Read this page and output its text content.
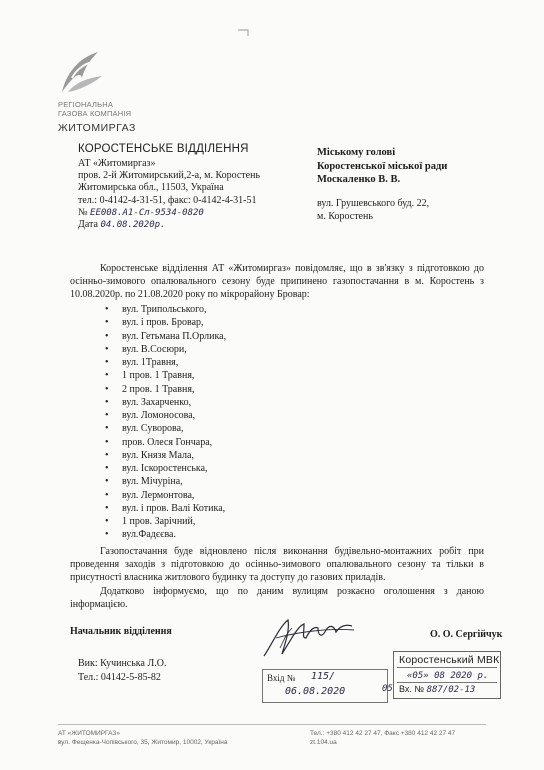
РЕГІОНАЛЬНА
ГАЗОВА КОМПАНІЯ
ЖИТОМИРГАЗ
КОРОСТЕНСЬКЕ ВІДДІЛЕННЯ
АТ «Житомиргаз»
пров. 2-й Житомирський,2-а, м. Коростень
Житомирська обл., 11503, Україна
тел.: 0-4142-4-31-51, факс: 0-4142-4-31-51
№ ЕЕ008.А1-Сл-9534-0820
Дата 04.08.2020р.
Міському голові
Коростенської міської ради
Москаленко В. В.
вул. Грушевського буд. 22,
м. Коростень
Коростенське відділення АТ «Житомиргаз» повідомляє, що в зв'язку з підготовкою до осінньо-зимового опалювального сезону буде припинено газопостачання в м. Коростень з 10.08.2020р. по 21.08.2020 року по мікрорайону Бровар:
• вул. Трипольського,
• вул. і пров. Бровар,
• вул. Гетьмана П.Орлика,
• вул. В.Сосюри,
• вул. 1Травня,
• 1 пров. 1 Травня,
• 2 пров. 1 Травня,
• вул. Захарченко,
• вул. Ломоносова,
• вул. Суворова,
• пров. Олеся Гончара,
• вул. Князя Мала,
• вул. Іскоростенська,
• вул. Мічуріна,
• вул. Лермонтова,
• вул. і пров. Валі Котика,
• 1 пров. Зарічний,
• вул.Фадєєва.
Газопостачання буде відновлено після виконання будівельно-монтажних робіт при проведення заходів з підготовкою до осінньо-зимового опалювального сезону та тільки в присутності власника житлового будинку та доступу до газових приладів.
Додатково інформуємо, що по даним вулицям розкаєно оголошення з даною інформацією.
Начальник відділення	О. О. Сергійчук
Вик: Кучинська Л.О.
Тел.: 04142-5-85-82	Вхід № 115/
06.08.2020	05
Коростенський МВК
«05» 08 2020 р.
Вх. № 887/02-13
АТ «ЖИТОМИРГАЗ»
вул. Фещенка-Чопівського, 35, Житомир, 10002, Україна
Тел.: +380 412 42 27 47, Факс +380 412 42 27 47
zt.104.ua
